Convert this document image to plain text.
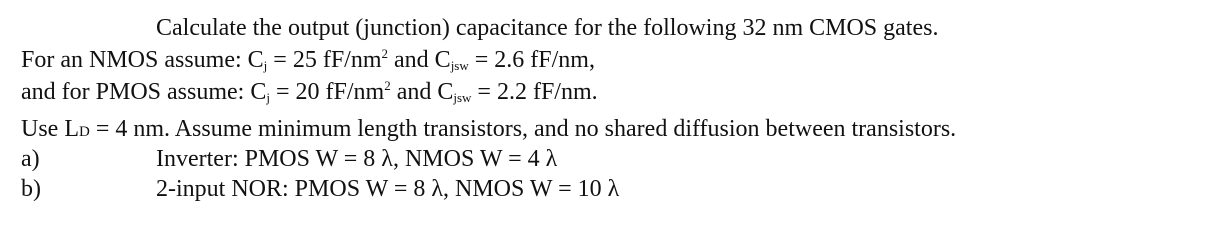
Calculate the output (junction) capacitance for the following 32 nm CMOS gates.
For an NMOS assume: $C_j = 25$ $fF/nm^2$ and $C_{jsw} = 2.6$ fF/nm,
and for PMOS assume: $C_j = 20$ $fF/nm^2$ and $C_{jsw} = 2.2$ fF/nm.
Use LD = 4 nm. Assume minimum length transistors, and no shared diffusion between transistors.
a)	Inverter: PMOS W = 8 λ, NMOS W = 4 λ
b)	2-input NOR: PMOS W = 8 λ, NMOS W = 10 λ
